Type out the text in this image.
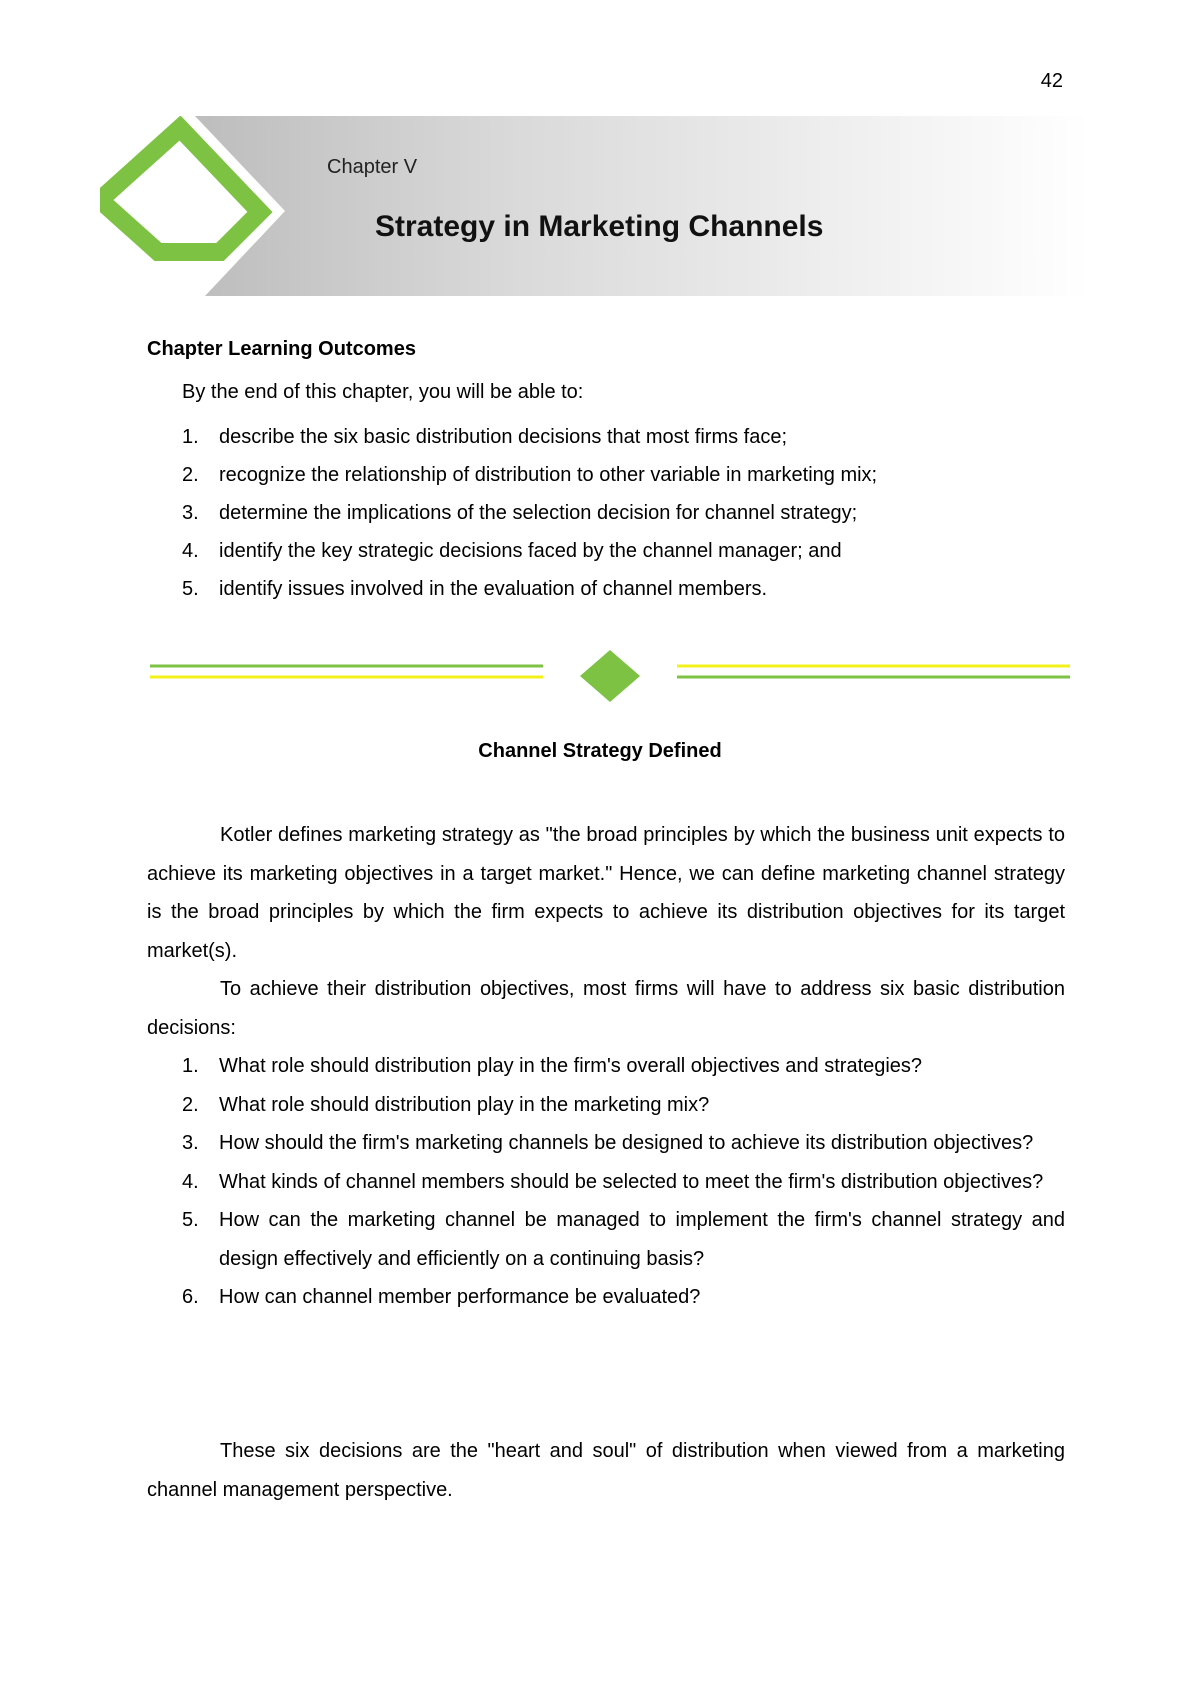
42
Chapter V
Strategy in Marketing Channels
Chapter Learning Outcomes
By the end of this chapter, you will be able to:
1. describe the six basic distribution decisions that most firms face;
2. recognize the relationship of distribution to other variable in marketing mix;
3. determine the implications of the selection decision for channel strategy;
4. identify the key strategic decisions faced by the channel manager; and
5. identify issues involved in the evaluation of channel members.
Channel Strategy Defined

Kotler defines marketing strategy as "the broad principles by which the business unit expects to achieve its marketing objectives in a target market." Hence, we can define marketing channel strategy is the broad principles by which the firm expects to achieve its distribution objectives for its target market(s).

To achieve their distribution objectives, most firms will have to address six basic distribution decisions:

1. What role should distribution play in the firm's overall objectives and strategies?
2. What role should distribution play in the marketing mix?
3. How should the firm's marketing channels be designed to achieve its distribution objectives?
4. What kinds of channel members should be selected to meet the firm's distribution objectives?
5. How can the marketing channel be managed to implement the firm's channel strategy and design effectively and efficiently on a continuing basis?
6. How can channel member performance be evaluated?

These six decisions are the "heart and soul" of distribution when viewed from a marketing channel management perspective.
